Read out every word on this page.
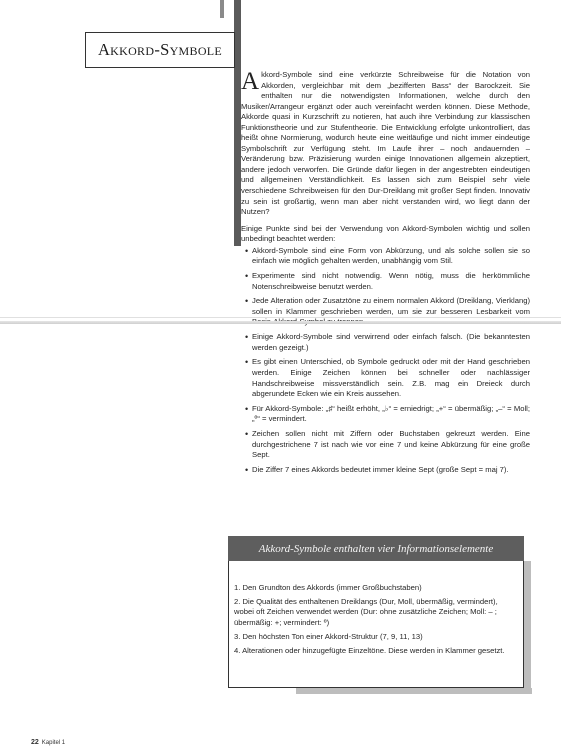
Akkord-Symbole

Akkord-Symbole sind eine verkürzte Schreibweise für die Notation von Akkorden, vergleichbar mit dem „bezifferten Bass“ der Barockzeit. Sie enthalten nur die notwendigsten Informationen, welche durch den Musiker/Arrangeur ergänzt oder auch vereinfacht werden können. Diese Methode, Akkorde quasi in Kurzschrift zu notieren, hat auch ihre Verbindung zur klassischen Funktionstheorie und zur Stufentheorie. Die Entwicklung erfolgte unkontrolliert, das heißt ohne Normierung, wodurch heute eine weitläufige und nicht immer eindeutige Symbolschrift zur Verfügung steht. Im Laufe ihrer – noch andauernden – Veränderung bzw. Präzisierung wurden einige Innovationen allgemein akzeptiert, andere jedoch verworfen. Die Gründe dafür liegen in der angestrebten eindeutigen und allgemeinen Verständlichkeit. Es lassen sich zum Beispiel sehr viele verschiedene Schreibweisen für den Dur-Dreiklang mit großer Sept finden. Innovativ zu sein ist großartig, wenn man aber nicht verstanden wird, wo liegt dann der Nutzen?

Einige Punkte sind bei der Verwendung von Akkord-Symbolen wichtig und sollen unbedingt beachtet werden:

• Akkord-Symbole sind eine Form von Abkürzung, und als solche sollen sie so einfach wie möglich gehalten werden, unabhängig vom Stil.
• Experimente sind nicht notwendig. Wenn nötig, muss die herkömmliche Notenschreibweise benutzt werden.
• Jede Alteration oder Zusatztöne zu einem normalen Akkord (Dreiklang, Vierklang) sollen in Klammer geschrieben werden, um sie zur besseren Lesbarkeit vom
• Einige Akkord-Symbole sind verwirrend oder einfach falsch. (Die bekanntesten werden gezeigt.)
• Es gibt einen Unterschied, ob Symbole gedruckt oder mit der Hand geschrieben werden. Einige Zeichen können bei schneller oder nachlässiger Handschreibweise missverständlich sein. Z.B. mag ein Dreieck durch abgerundete Ecken wie ein Kreis aussehen.
• Für Akkord-Symbole: „♯“ heißt erhöht, „♭“ = erniedrigt; „+“ = übermäßig; „–“ = Moll; „º“ = vermindert.
• Zeichen sollen nicht mit Ziffern oder Buchstaben gekreuzt werden. Eine durchgestrichene 7 ist nach wie vor eine 7 und keine Abkürzung für eine große Sept.
• Die Ziffer 7 eines Akkords bedeutet immer kleine Sept (große Sept = maj 7).
Akkord-Symbole enthalten vier Informationselemente
1. Den Grundton des Akkords (immer Großbuchstaben)
2. Die Qualität des enthaltenen Dreiklangs (Dur, Moll, übermäßig, vermindert), wobei oft Zeichen verwendet werden (Dur: ohne zusätzliche Zeichen; Moll: – ; übermäßig: +; vermindert: º)
3. Den höchsten Ton einer Akkord-Struktur (7, 9, 11, 13)
4. Alterationen oder hinzugefügte Einzeltöne. Diese werden in Klammer gesetzt.
22 Kapitel 1
